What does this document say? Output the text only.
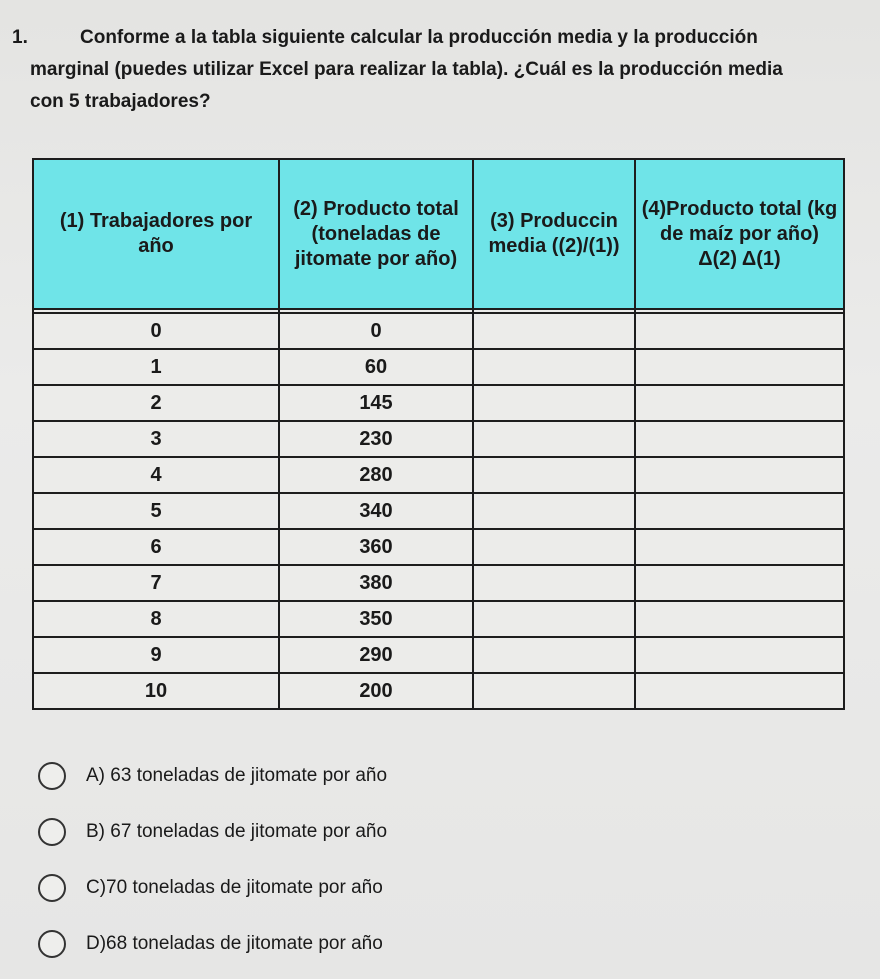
1.	Conforme a la tabla siguiente calcular la producción media y la producción
marginal (puedes utilizar Excel para realizar la tabla). ¿Cuál es la producción media
con 5 trabajadores?
(1) Trabajadores por año	(2) Producto total (toneladas de jitomate por año)	(3) Produccin media ((2)/(1))	(4)Producto total (kg de maíz por año) Δ(2) Δ(1)

0	0		
1	60		
2	145		
3	230		
4	280		
5	340		
6	360		
7	380		
8	350		
9	290		
10	200		
A) 63 toneladas de jitomate por año
B) 67 toneladas de jitomate por año
C)70 toneladas de jitomate por año
D)68 toneladas de jitomate por año
